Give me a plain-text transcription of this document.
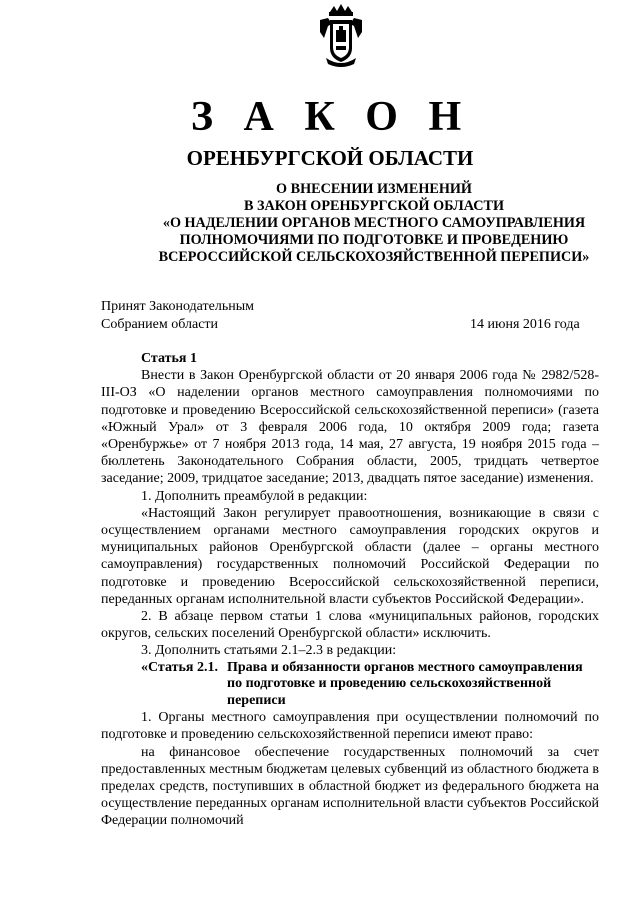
З А К О Н
ОРЕНБУРГСКОЙ ОБЛАСТИ
О ВНЕСЕНИИ ИЗМЕНЕНИЙ
В ЗАКОН ОРЕНБУРГСКОЙ ОБЛАСТИ
«О НАДЕЛЕНИИ ОРГАНОВ МЕСТНОГО САМОУПРАВЛЕНИЯ
ПОЛНОМОЧИЯМИ ПО ПОДГОТОВКЕ И ПРОВЕДЕНИЮ
ВСЕРОССИЙСКОЙ СЕЛЬСКОХОЗЯЙСТВЕННОЙ ПЕРЕПИСИ»
Принят Законодательным
Собранием области	14 июня 2016 года

Статья 1

Внести в Закон Оренбургской области от 20 января 2006 года № 2982/528-III-ОЗ «О наделении органов местного самоуправления полномочиями по подготовке и проведению Всероссийской сельскохозяйственной переписи» (газета «Южный Урал» от 3 февраля 2006 года, 10 октября 2009 года; газета «Оренбуржье» от 7 ноября 2013 года, 14 мая, 27 августа, 19 ноября 2015 года – бюллетень Законодательного Собрания области, 2005, тридцать четвертое заседание; 2009, тридцатое заседание; 2013, двадцать пятое заседание) изменения.

1. Дополнить преамбулой в редакции:

«Настоящий Закон регулирует правоотношения, возникающие в связи с осуществлением органами местного самоуправления городских округов и муниципальных районов Оренбургской области (далее – органы местного самоуправления) государственных полномочий Российской Федерации по подготовке и проведению Всероссийской сельскохозяйственной переписи, переданных органам исполнительной власти субъектов Российской Федерации».

2. В абзаце первом статьи 1 слова «муниципальных районов, городских округов, сельских поселений Оренбургской области» исключить.

3. Дополнить статьями 2.1–2.3 в редакции:

«Статья 2.1. Права и обязанности органов местного самоуправления по подготовке и проведению сельскохозяйственной переписи

1. Органы местного самоуправления при осуществлении полномочий по подготовке и проведению сельскохозяйственной переписи имеют право:

на финансовое обеспечение государственных полномочий за счет предоставленных местным бюджетам целевых субвенций из областного бюджета в пределах средств, поступивших в областной бюджет из федерального бюджета на осуществление переданных органам исполнительной власти субъектов Российской Федерации полномочий
